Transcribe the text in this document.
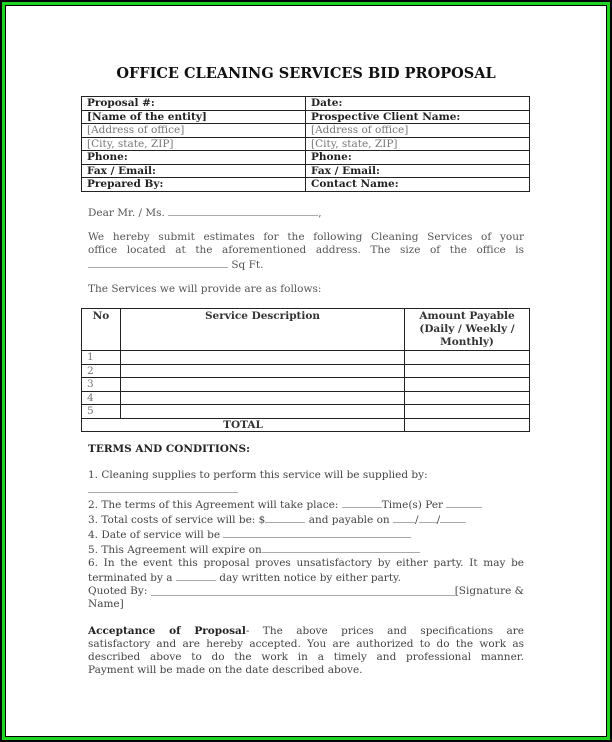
OFFICE CLEANING SERVICES BID PROPOSAL
Proposal #:	Date:
[Name of the entity]	Prospective Client Name:
[Address of office]	[Address of office]
[City, state, ZIP]	[City, state, ZIP]
Phone:	Phone:
Fax / Email:	Fax / Email:
Prepared By:	Contact Name:
Dear Mr. / Ms.	,
We hereby submit estimates for the following Cleaning Services of your
office located at the aforementioned address. The size of the office is
Sq Ft.
The Services we will provide are as follows:
No	Service Description	Amount Payable (Daily / Weekly / Monthly)
1		
2		
3		
4		
5		
TOTAL		
TERMS AND CONDITIONS:
1. Cleaning supplies to perform this service will be supplied by:
2. The terms of this Agreement will take place:	Time(s) Per
3. Total costs of service will be: $	and payable on / /
4. Date of service will be
5. This Agreement will expire on
6. In the event this proposal proves unsatisfactory by either party. It may be
terminated by a	day written notice by either party.
Quoted By:
	[Signature &
Name]
Acceptance of Proposal- The above prices and specifications are
satisfactory and are hereby accepted. You are authorized to do the work as
described above to do the work in a timely and professional manner.
Payment will be made on the date described above.
